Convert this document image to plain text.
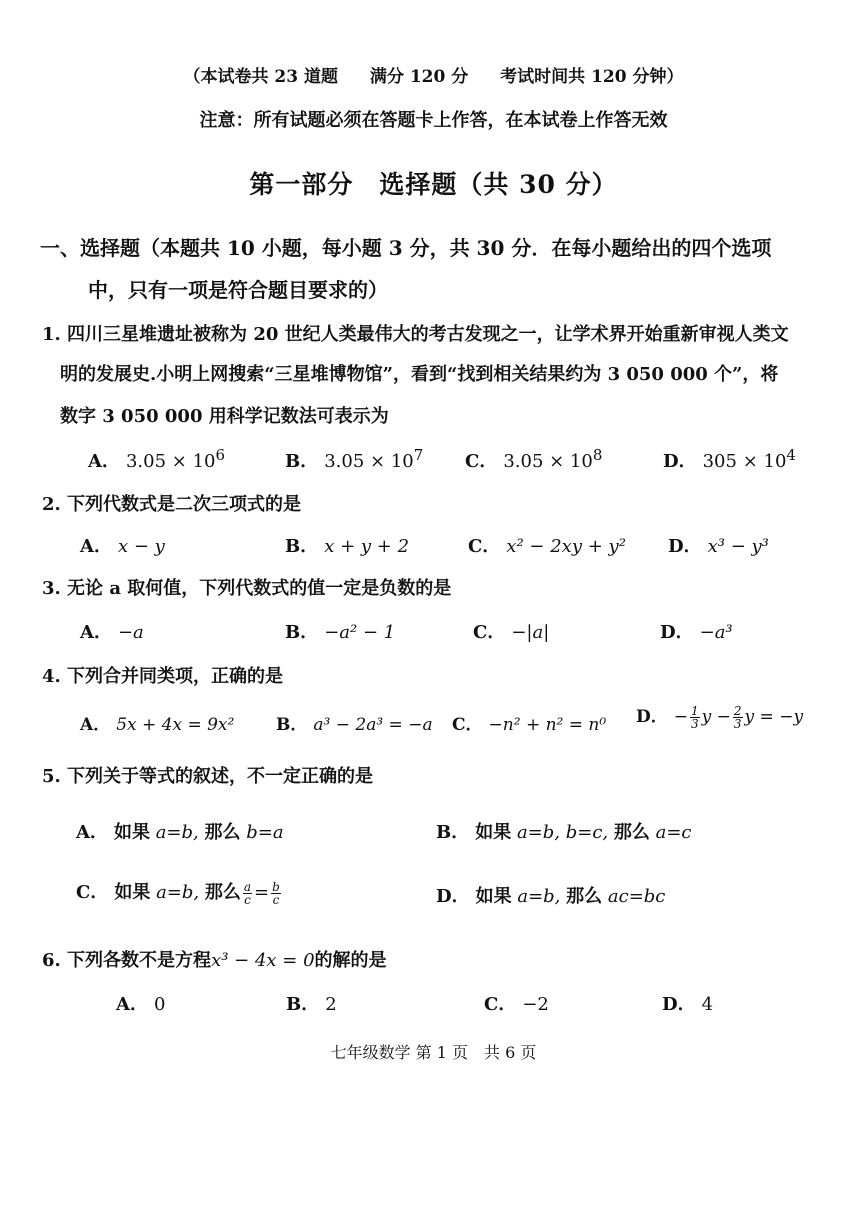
（本试卷共 23 道题 满分 120 分 考试时间共 120 分钟）
注意：所有试题必须在答题卡上作答，在本试卷上作答无效
第一部分　选择题（共 30 分）
一、选择题（本题共 10 小题，每小题 3 分，共 30 分．在每小题给出的四个选项
中，只有一项是符合题目要求的）
1. 四川三星堆遗址被称为 20 世纪人类最伟大的考古发现之一，让学术界开始重新审视人类文
明的发展史.小明上网搜索“三星堆博物馆”，看到“找到相关结果约为 3 050 000 个”，将
数字 3 050 000 用科学记数法可表示为
A． $3.05 \times 10^6$	B． $3.05 \times 10^7$ C． $3.05 \times 10^8$	D． $305 \times 10^4$
2. 下列代数式是二次三项式的是
A． x − y	B． x + y + 2	C． x² − 2xy + y² D． x³ − y³
3. 无论 a 取何值，下列代数式的值一定是负数的是
A． −a	B． −a² − 1	C． −|a|	D． −a³
4. 下列合并同类项，正确的是
A． 5x + 4x = 9x² B． a³ − 2a³ = −a C． −n² + n² = n⁰ D． − $\frac{1}{3}$ $y - \frac{2}{3}$ y = −y
5. 下列关于等式的叙述，不一定正确的是
A． 如果 a=b, 那么 b=a	B． 如果 a=b, b=c, 那么 a=c
C． 如果 a=b, 那么 $\frac{a}{c} = \frac{b}{c}$	D． 如果 a=b, 那么 ac=bc
6. 下列各数不是方程x³ − 4x = 0的解的是
A． 0	B． 2	C． −2	D． 4
七年级数学 第 1 页　共 6 页
